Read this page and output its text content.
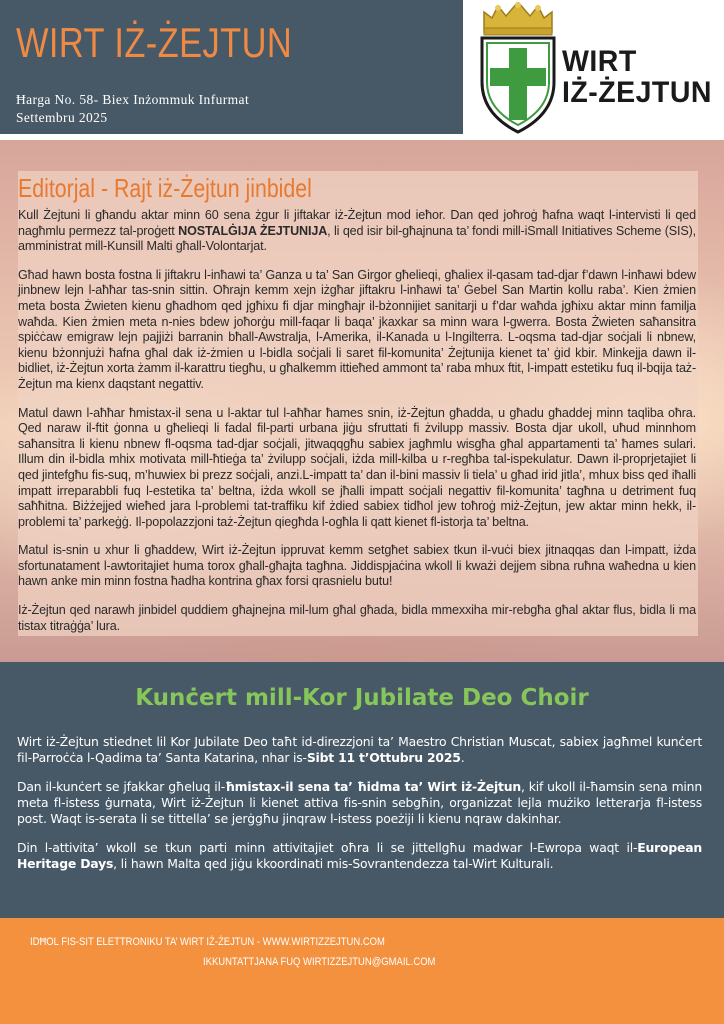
WIRT IŻ-ŻEJTUN
Ħarga No. 58- Biex Inżommuk Infurmat
Settembru 2025
WIRT
IŻ-ŻEJTUN
Editorjal - Rajt iż-Żejtun jinbidel

Kull Żejtuni li għandu aktar minn 60 sena żgur li jiftakar iż-Żejtun mod ieħor. Dan qed joħroġ ħafna waqt l-intervisti li qed nagħmlu permezz tal-proġett NOSTALĠIJA ŻEJTUNIJA, li qed isir bil-għajnuna ta’ fondi mill-iSmall Initiatives Scheme (SIS), amministrat mill-Kunsill Malti għall-Volontarjat.

Għad hawn bosta fostna li jiftakru l-inħawi ta’ Ganza u ta’ San Girgor għelieqi, għaliex il-qasam tad-djar f’dawn l-inħawi bdew jinbnew lejn l-aħħar tas-snin sittin. Oħrajn kemm xejn iżgħar jiftakru l-inħawi ta’ Ġebel San Martin kollu raba’. Kien żmien meta bosta Żwieten kienu għadhom qed jgħixu fi djar mingħajr il-bżonnijiet sanitarji u f’dar waħda jgħixu aktar minn familja waħda. Kien żmien meta n-nies bdew joħorġu mill-faqar li baqa’ jkaxkar sa minn wara l-gwerra. Bosta Żwieten saħansitra spiċċaw emigraw lejn pajjiżi barranin bħall-Awstralja, l-Amerika, il-Kanada u l-Ingilterra. L-oqsma tad-djar soċjali li nbnew, kienu bżonnjużi ħafna għal dak iż-żmien u l-bidla soċjali li saret fil-komunita’ Żejtunija kienet ta’ ġid kbir. Minkejja dawn il-bidliet, iż-Żejtun xorta żamm il-karattru tiegħu, u għalkemm ittieħed ammont ta’ raba mhux ftit, l-impatt estetiku fuq il-bqija taż-Żejtun ma kienx daqstant negattiv.

Matul dawn l-aħħar ħmistax-il sena u l-aktar tul l-aħħar ħames snin, iż-Żejtun għadda, u għadu għaddej minn taqliba oħra. Qed naraw il-ftit ġonna u għelieqi li fadal fil-parti urbana jiġu sfruttati fi żvilupp massiv. Bosta djar ukoll, uħud minnhom saħansitra li kienu nbnew fl-oqsma tad-djar soċjali, jitwaqqgħu sabiex jagħmlu wisgħa għal appartamenti ta’ ħames sulari. Illum din il-bidla mhix motivata mill-ħtieġa ta’ żvilupp soċjali, iżda mill-kilba u r-regħba tal-ispekulatur. Dawn il-proprjetajiet li qed jintefgħu fis-suq, m’huwiex bi prezz soċjali, anzi.L-impatt ta’ dan il-bini massiv li tiela’ u għad irid jitla’, mhux biss qed iħalli impatt irreparabbli fuq l-estetika ta’ beltna, iżda wkoll se jħalli impatt soċjali negattiv fil-komunita’ tagħna u detriment fuq saħħitna. Biżżejjed wieħed jara l-problemi tat-traffiku kif żdied sabiex tidħol jew toħroġ miż-Żejtun, jew aktar minn hekk, il-problemi ta’ parkeġġ. Il-popolazzjoni taż-Żejtun qiegħda l-ogħla li qatt kienet fl-istorja ta’ beltna.

Matul is-snin u xhur li għaddew, Wirt iż-Żejtun ippruvat kemm setgħet sabiex tkun il-vuċi biex jitnaqqas dan l-impatt, iżda sfortunatament l-awtoritajiet huma torox għall-għajta tagħna. Jiddispjaċina wkoll li kważi dejjem sibna ruħna waħedna u kien hawn anke min minn fostna ħadha kontrina għax forsi qrasnielu butu!

Iż-Żejtun qed narawh jinbidel quddiem għajnejna mil-lum għal għada, bidla mmexxiha mir-rebgħa għal aktar flus, bidla li ma tistax titraġġa’ lura.

Kunċert mill-Kor Jubilate Deo Choir

Wirt iż-Żejtun stiednet lil Kor Jubilate Deo taħt id-direzzjoni ta’ Maestro Christian Muscat, sabiex jagħmel kunċert fil-Parroċċa l-Qadima ta’ Santa Katarina, nhar is-Sibt 11 t’Ottubru 2025.

Dan il-kunċert se jfakkar għeluq il-ħmistax-il sena ta’ ħidma ta’ Wirt iż-Żejtun, kif ukoll il-ħamsin sena minn meta fl-istess ġurnata, Wirt iż-Żejtun li kienet attiva fis-snin sebgħin, organizzat lejla mużiko letterarja fl-istess post. Waqt is-serata li se tittella’ se jerġgħu jinqraw l-istess poeżiji li kienu nqraw dakinhar.

Din l-attivita’ wkoll se tkun parti minn attivitajiet oħra li se jittellgħu madwar l-Ewropa waqt il-European Heritage Days, li hawn Malta qed jiġu kkoordinati mis-Sovrantendezza tal-Wirt Kulturali.

IDĦOL FIS-SIT ELETTRONIKU TA’ WIRT IŻ-ŻEJTUN - WWW.WIRTIZZEJTUN.COM
IKKUNTATTJANA FUQ WIRTIZZEJTUN@GMAIL.COM
